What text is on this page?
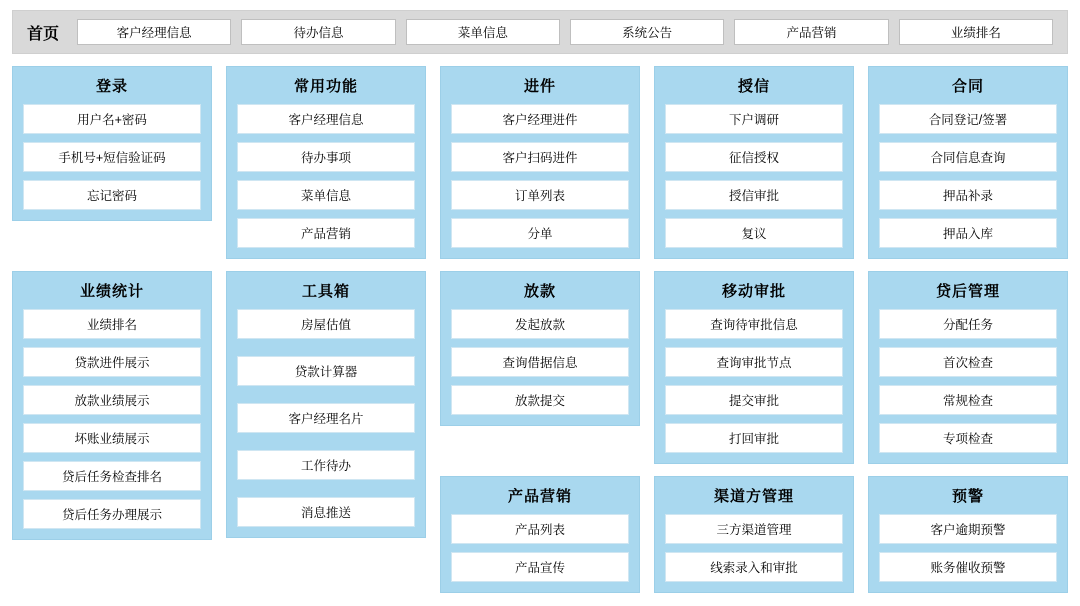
首页	客户经理信息	待办信息	菜单信息	系统公告	产品营销	业绩排名
登录
用户名+密码
手机号+短信验证码
忘记密码
常用功能
客户经理信息
待办事项
菜单信息
产品营销
进件
客户经理进件
客户扫码进件
订单列表
分单
授信
下户调研
征信授权
授信审批
复议
合同
合同登记/签署
合同信息查询
押品补录
押品入库
放款
发起放款
查询借据信息
放款提交
移动审批
查询待审批信息
查询审批节点
提交审批
打回审批
贷后管理
分配任务
首次检查
常规检查
专项检查
业绩统计
业绩排名
贷款进件展示
放款业绩展示
坏账业绩展示
贷后任务检查排名
贷后任务办理展示
工具箱
房屋估值
贷款计算器
客户经理名片
工作待办
消息推送
产品营销
产品列表
产品宣传
渠道方管理
三方渠道管理
线索录入和审批
预警
客户逾期预警
账务催收预警
